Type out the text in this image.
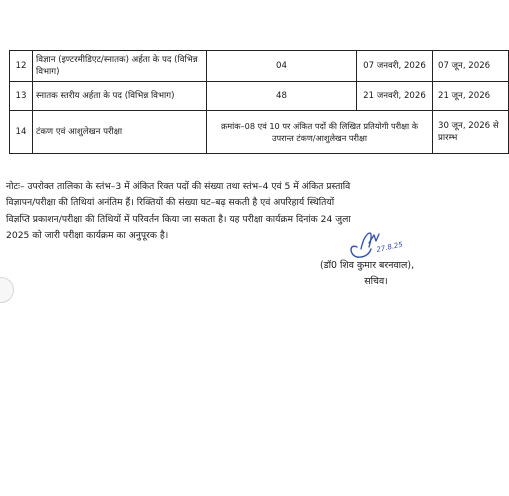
12	विज्ञान (इण्टरमीडिएट/स्नातक) अर्हता के पद (विभिन्न विभाग)	04	07 जनवरी, 2026	07 जून, 2026
13	स्नातक स्तरीय अर्हता के पद (विभिन्न विभाग)	48	21 जनवरी, 2026	21 जून, 2026
14	टंकण एवं आशुलेखन परीक्षा	क्रमांक–08 एवं 10 पर अंकित पदों की लिखित प्रतियोगी परीक्षा के उपरान्त टंकण/आशुलेखन परीक्षा		30 जून, 2026 से प्रारम्भ

नोटः– उपरोक्त तालिका के स्तंभ–3 में अंकित रिक्त पदों की संख्या तथा स्तंभ–4 एवं 5 में अंकित प्रस्तावि
विज्ञापन/परीक्षा की तिथियां अनंतिम हैं। रिक्तियों की संख्या घट–बढ़ सकती है एवं अपरिहार्य स्थितियों
विज्ञप्ति प्रकाशन/परीक्षा की तिथियों में परिवर्तन किया जा सकता है। यह परीक्षा कार्यक्रम दिनांक 24 जुला
2025 को जारी परीक्षा कार्यक्रम का अनुपूरक है।

27.8.25
(डॉ0 शिव कुमार बरनवाल),
सचिव।
